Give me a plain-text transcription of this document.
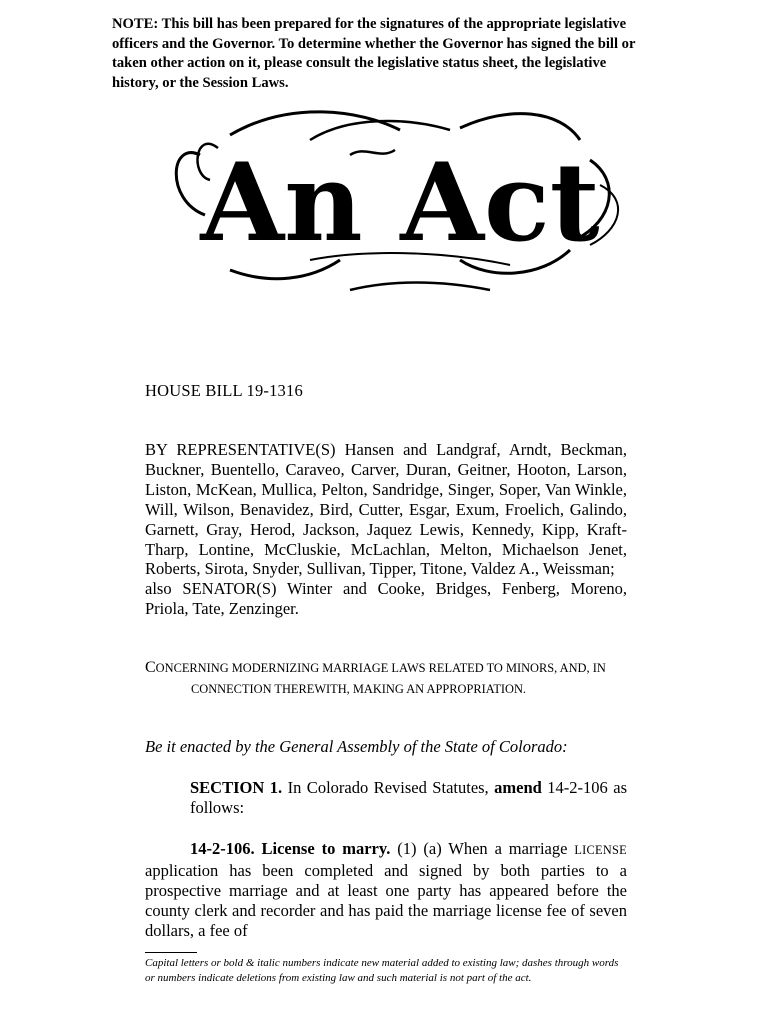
NOTE: This bill has been prepared for the signatures of the appropriate legislative officers and the Governor. To determine whether the Governor has signed the bill or taken other action on it, please consult the legislative status sheet, the legislative history, or the Session Laws.
An Act
HOUSE BILL 19-1316

BY REPRESENTATIVE(S) Hansen and Landgraf, Arndt, Beckman, Buckner, Buentello, Caraveo, Carver, Duran, Geitner, Hooton, Larson, Liston, McKean, Mullica, Pelton, Sandridge, Singer, Soper, Van Winkle, Will, Wilson, Benavidez, Bird, Cutter, Esgar, Exum, Froelich, Galindo, Garnett, Gray, Herod, Jackson, Jaquez Lewis, Kennedy, Kipp, Kraft-Tharp, Lontine, McCluskie, McLachlan, Melton, Michaelson Jenet, Roberts, Sirota, Snyder, Sullivan, Tipper, Titone, Valdez A., Weissman;

also SENATOR(S) Winter and Cooke, Bridges, Fenberg, Moreno, Priola, Tate, Zenzinger.

CONCERNING MODERNIZING MARRIAGE LAWS RELATED TO MINORS, AND, IN
CONNECTION THEREWITH, MAKING AN APPROPRIATION.
Be it enacted by the General Assembly of the State of Colorado:
SECTION 1. In Colorado Revised Statutes, amend 14-2-106 as follows:
14-2-106. License to marry. (1) (a) When a marriage LICENSE application has been completed and signed by both parties to a prospective marriage and at least one party has appeared before the county clerk and recorder and has paid the marriage license fee of seven dollars, a fee of
Capital letters or bold & italic numbers indicate new material added to existing law; dashes through words or numbers indicate deletions from existing law and such material is not part of the act.
